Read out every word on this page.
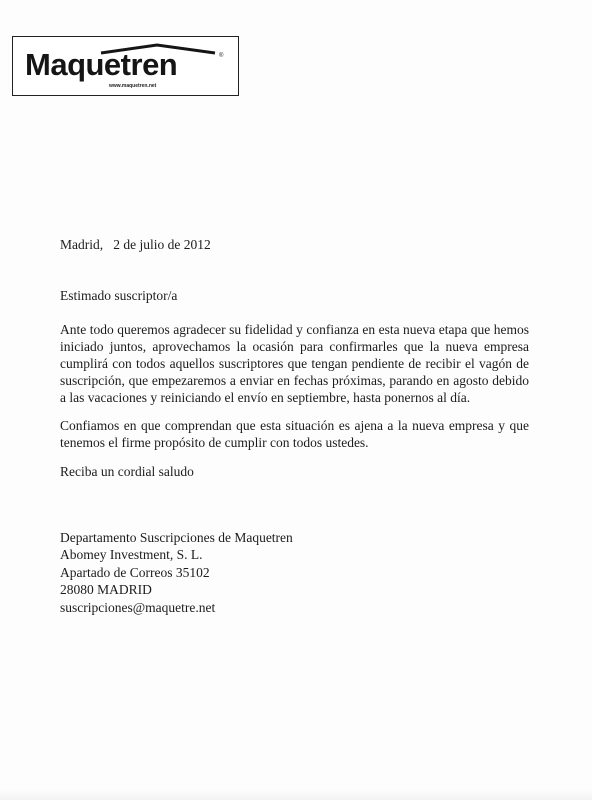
Maquetren	®
www.maquetren.net
Madrid,   2 de julio de 2012
Estimado suscriptor/a
Ante todo queremos agradecer su fidelidad y confianza en esta nueva etapa que hemos iniciado juntos, aprovechamos la ocasión para confirmarles que la nueva empresa cumplirá con todos aquellos suscriptores que tengan pendiente de recibir el vagón de suscripción, que empezaremos a enviar en fechas próximas, parando en agosto debido a las vacaciones y reiniciando el envío en septiembre, hasta ponernos al día.
Confiamos en que comprendan que esta situación es ajena a la nueva empresa y que tenemos el firme propósito de cumplir con todos ustedes.
Reciba un cordial saludo
Departamento Suscripciones de Maquetren
Abomey Investment, S. L.
Apartado de Correos 35102
28080 MADRID
suscripciones@maquetre.net
